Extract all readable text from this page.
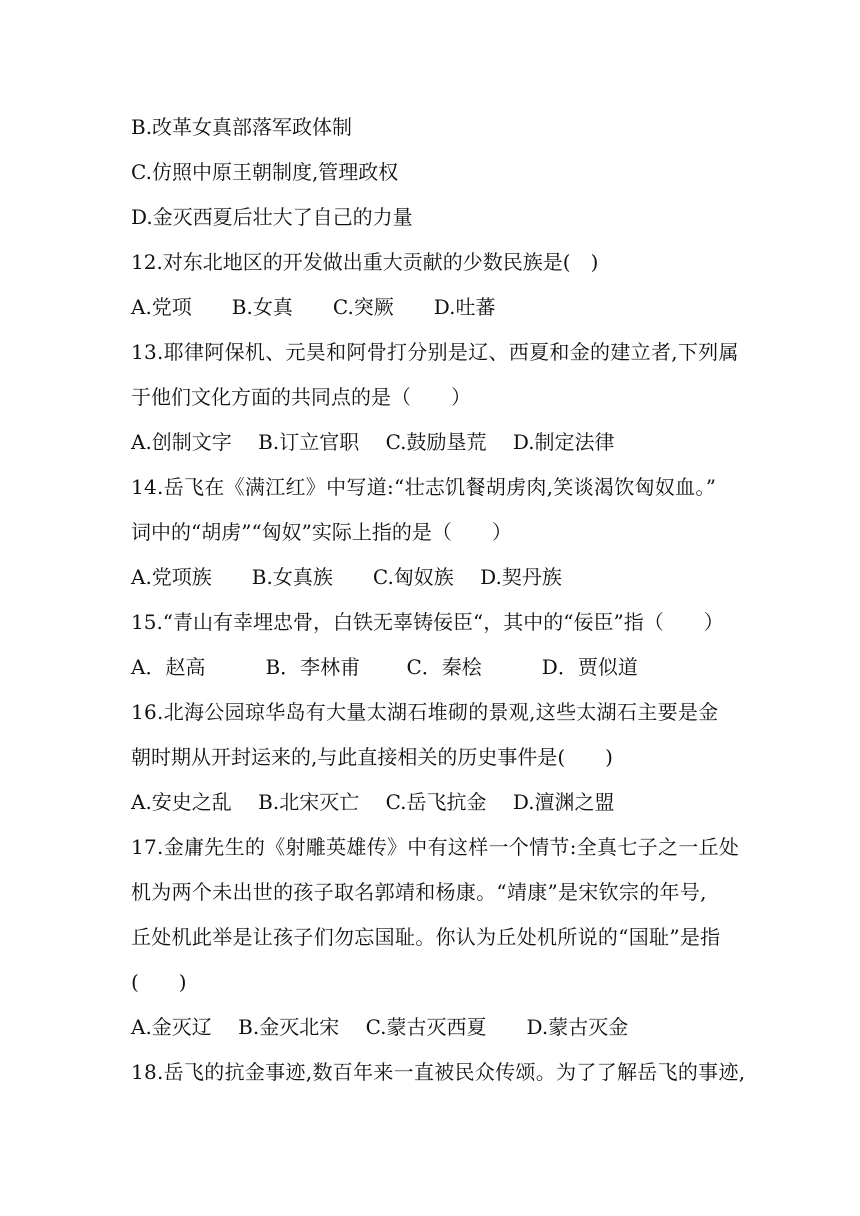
B.改革女真部落军政体制
C.仿照中原王朝制度,管理政权
D.金灭西夏后壮大了自己的力量
12.对东北地区的开发做出重大贡献的少数民族是(　)
A.党项　　B.女真　　C.突厥　　D.吐蕃
13.耶律阿保机、元昊和阿骨打分别是辽、西夏和金的建立者,下列属
于他们文化方面的共同点的是（　　）
A.创制文字　 B.订立官职　 C.鼓励垦荒　 D.制定法律
14.岳飞在《满江红》中写道:“壮志饥餐胡虏肉,笑谈渴饮匈奴血。”
词中的“胡虏”“匈奴”实际上指的是（　　）
A.党项族　　B.女真族　　C.匈奴族　 D.契丹族
15.“青山有幸埋忠骨，白铁无辜铸佞臣“，其中的“佞臣”指（　　）
A．赵高　　　B．李林甫　　 C．秦桧　　　D．贾似道
16.北海公园琼华岛有大量太湖石堆砌的景观,这些太湖石主要是金
朝时期从开封运来的,与此直接相关的历史事件是(　　)
A.安史之乱　 B.北宋灭亡　 C.岳飞抗金　 D.澶渊之盟
17.金庸先生的《射雕英雄传》中有这样一个情节:全真七子之一丘处
机为两个未出世的孩子取名郭靖和杨康。“靖康”是宋钦宗的年号,
丘处机此举是让孩子们勿忘国耻。你认为丘处机所说的“国耻”是指
(　　)
A.金灭辽　 B.金灭北宋　 C.蒙古灭西夏　　D.蒙古灭金
18.岳飞的抗金事迹,数百年来一直被民众传颂。为了了解岳飞的事迹,
